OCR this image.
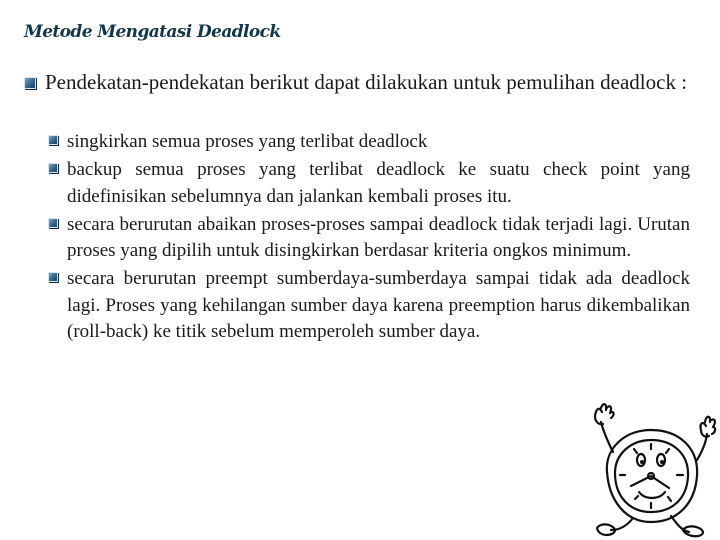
Metode Mengatasi Deadlock
Pendekatan-pendekatan berikut dapat dilakukan untuk pemulihan deadlock :
singkirkan semua proses yang terlibat deadlock
backup semua proses yang terlibat deadlock ke suatu check point yang didefinisikan sebelumnya dan jalankan kembali proses itu.
secara berurutan abaikan proses-proses sampai deadlock tidak terjadi lagi. Urutan proses yang dipilih untuk disingkirkan berdasar kriteria ongkos minimum.
secara berurutan preempt sumberdaya-sumberdaya sampai tidak ada deadlock lagi. Proses yang kehilangan sumber daya karena preemption harus dikembalikan (roll-back) ke titik sebelum memperoleh sumber daya.
